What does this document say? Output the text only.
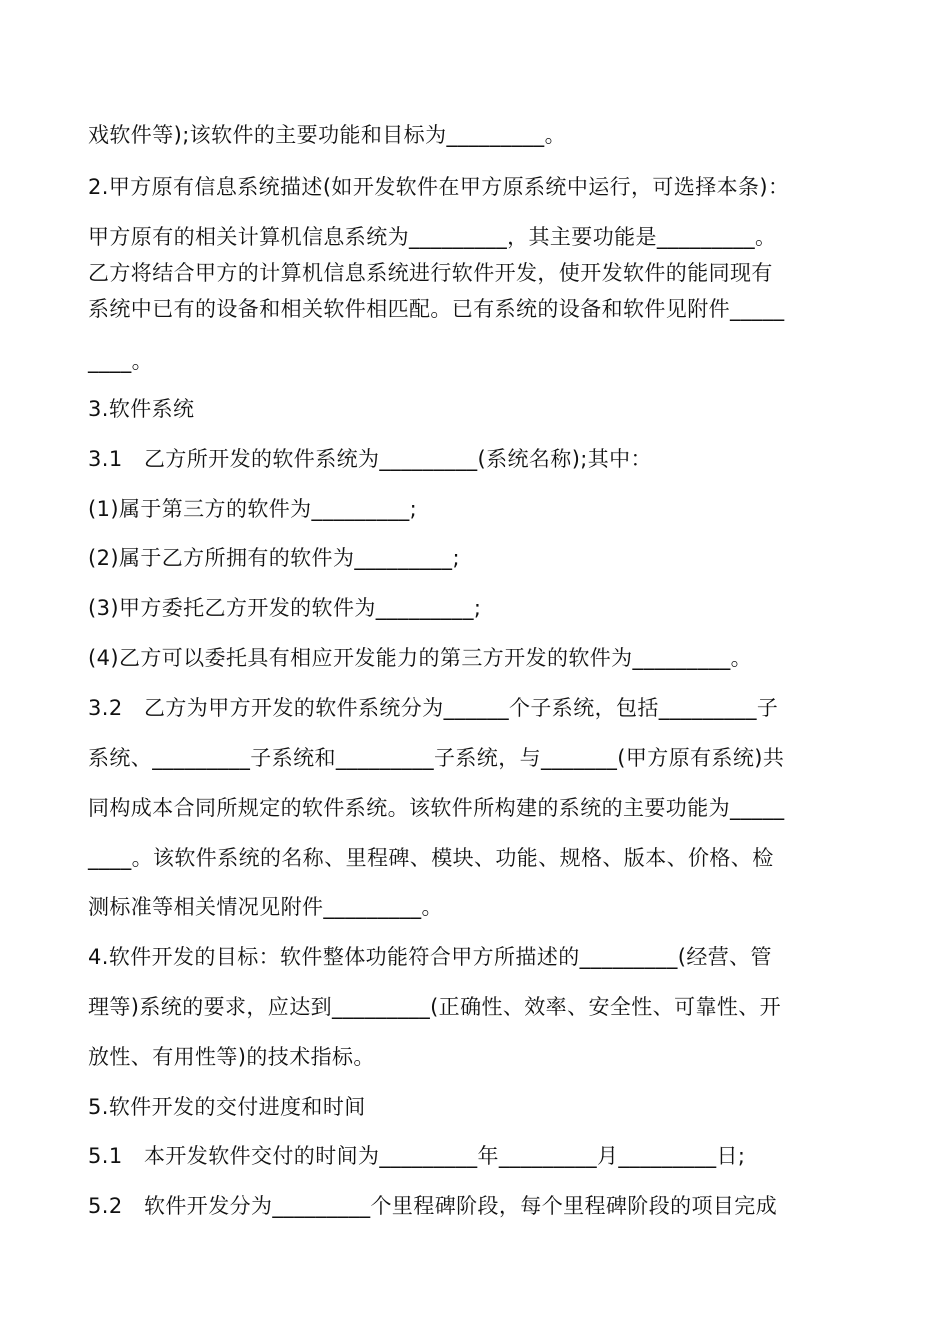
戏软件等);该软件的主要功能和目标为_________。
2.甲方原有信息系统描述(如开发软件在甲方原系统中运行，可选择本条)：
甲方原有的相关计算机信息系统为_________，其主要功能是_________。
乙方将结合甲方的计算机信息系统进行软件开发，使开发软件的能同现有
系统中已有的设备和相关软件相匹配。已有系统的设备和软件见附件_____
____。
3.软件系统
3.1　乙方所开发的软件系统为_________(系统名称);其中：
(1)属于第三方的软件为_________;
(2)属于乙方所拥有的软件为_________;
(3)甲方委托乙方开发的软件为_________;
(4)乙方可以委托具有相应开发能力的第三方开发的软件为_________。
3.2　乙方为甲方开发的软件系统分为______个子系统，包括_________子
系统、_________子系统和_________子系统，与_______(甲方原有系统)共
同构成本合同所规定的软件系统。该软件所构建的系统的主要功能为_____
____。该软件系统的名称、里程碑、模块、功能、规格、版本、价格、检
测标准等相关情况见附件_________。
4.软件开发的目标：软件整体功能符合甲方所描述的_________(经营、管
理等)系统的要求，应达到_________(正确性、效率、安全性、可靠性、开
放性、有用性等)的技术指标。
5.软件开发的交付进度和时间
5.1　本开发软件交付的时间为_________年_________月_________日;
5.2　软件开发分为_________个里程碑阶段，每个里程碑阶段的项目完成
